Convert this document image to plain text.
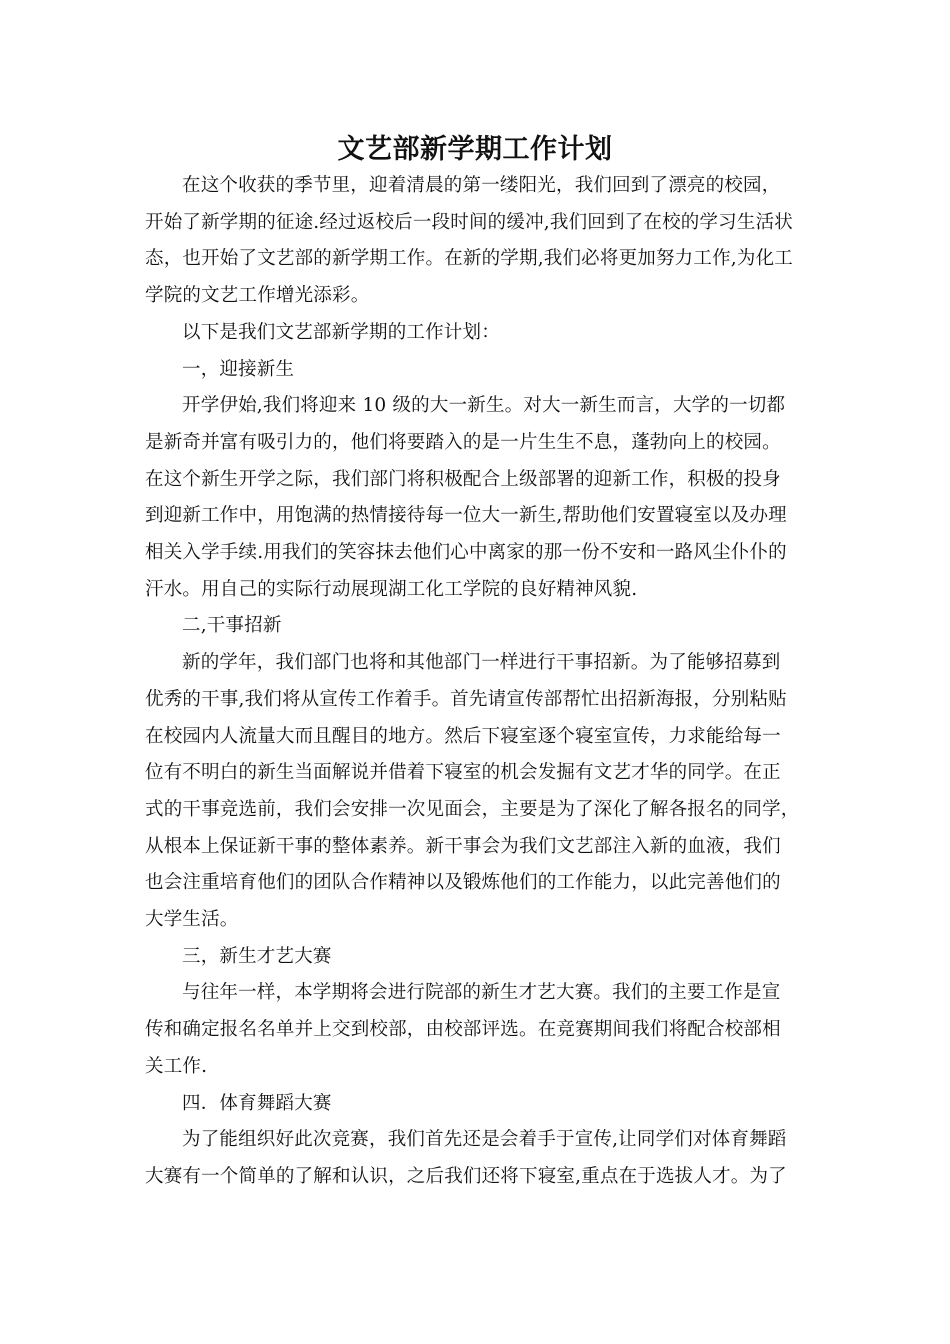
文艺部新学期工作计划
在这个收获的季节里，迎着清晨的第一缕阳光，我们回到了漂亮的校园，
开始了新学期的征途.经过返校后一段时间的缓冲,我们回到了在校的学习生活状
态，也开始了文艺部的新学期工作。在新的学期,我们必将更加努力工作,为化工
学院的文艺工作增光添彩。
以下是我们文艺部新学期的工作计划：
一，迎接新生
开学伊始,我们将迎来 10 级的大一新生。对大一新生而言，大学的一切都
是新奇并富有吸引力的，他们将要踏入的是一片生生不息，蓬勃向上的校园。
在这个新生开学之际，我们部门将积极配合上级部署的迎新工作，积极的投身
到迎新工作中，用饱满的热情接待每一位大一新生,帮助他们安置寝室以及办理
相关入学手续.用我们的笑容抹去他们心中离家的那一份不安和一路风尘仆仆的
汗水。用自己的实际行动展现湖工化工学院的良好精神风貌.
二,干事招新
新的学年，我们部门也将和其他部门一样进行干事招新。为了能够招募到
优秀的干事,我们将从宣传工作着手。首先请宣传部帮忙出招新海报，分别粘贴
在校园内人流量大而且醒目的地方。然后下寝室逐个寝室宣传，力求能给每一
位有不明白的新生当面解说并借着下寝室的机会发掘有文艺才华的同学。在正
式的干事竞选前，我们会安排一次见面会，主要是为了深化了解各报名的同学，
从根本上保证新干事的整体素养。新干事会为我们文艺部注入新的血液，我们
也会注重培育他们的团队合作精神以及锻炼他们的工作能力，以此完善他们的
大学生活。
三，新生才艺大赛
与往年一样，本学期将会进行院部的新生才艺大赛。我们的主要工作是宣
传和确定报名名单并上交到校部，由校部评选。在竞赛期间我们将配合校部相
关工作.
四．体育舞蹈大赛
为了能组织好此次竞赛，我们首先还是会着手于宣传,让同学们对体育舞蹈
大赛有一个简单的了解和认识，之后我们还将下寝室,重点在于选拔人才。为了
